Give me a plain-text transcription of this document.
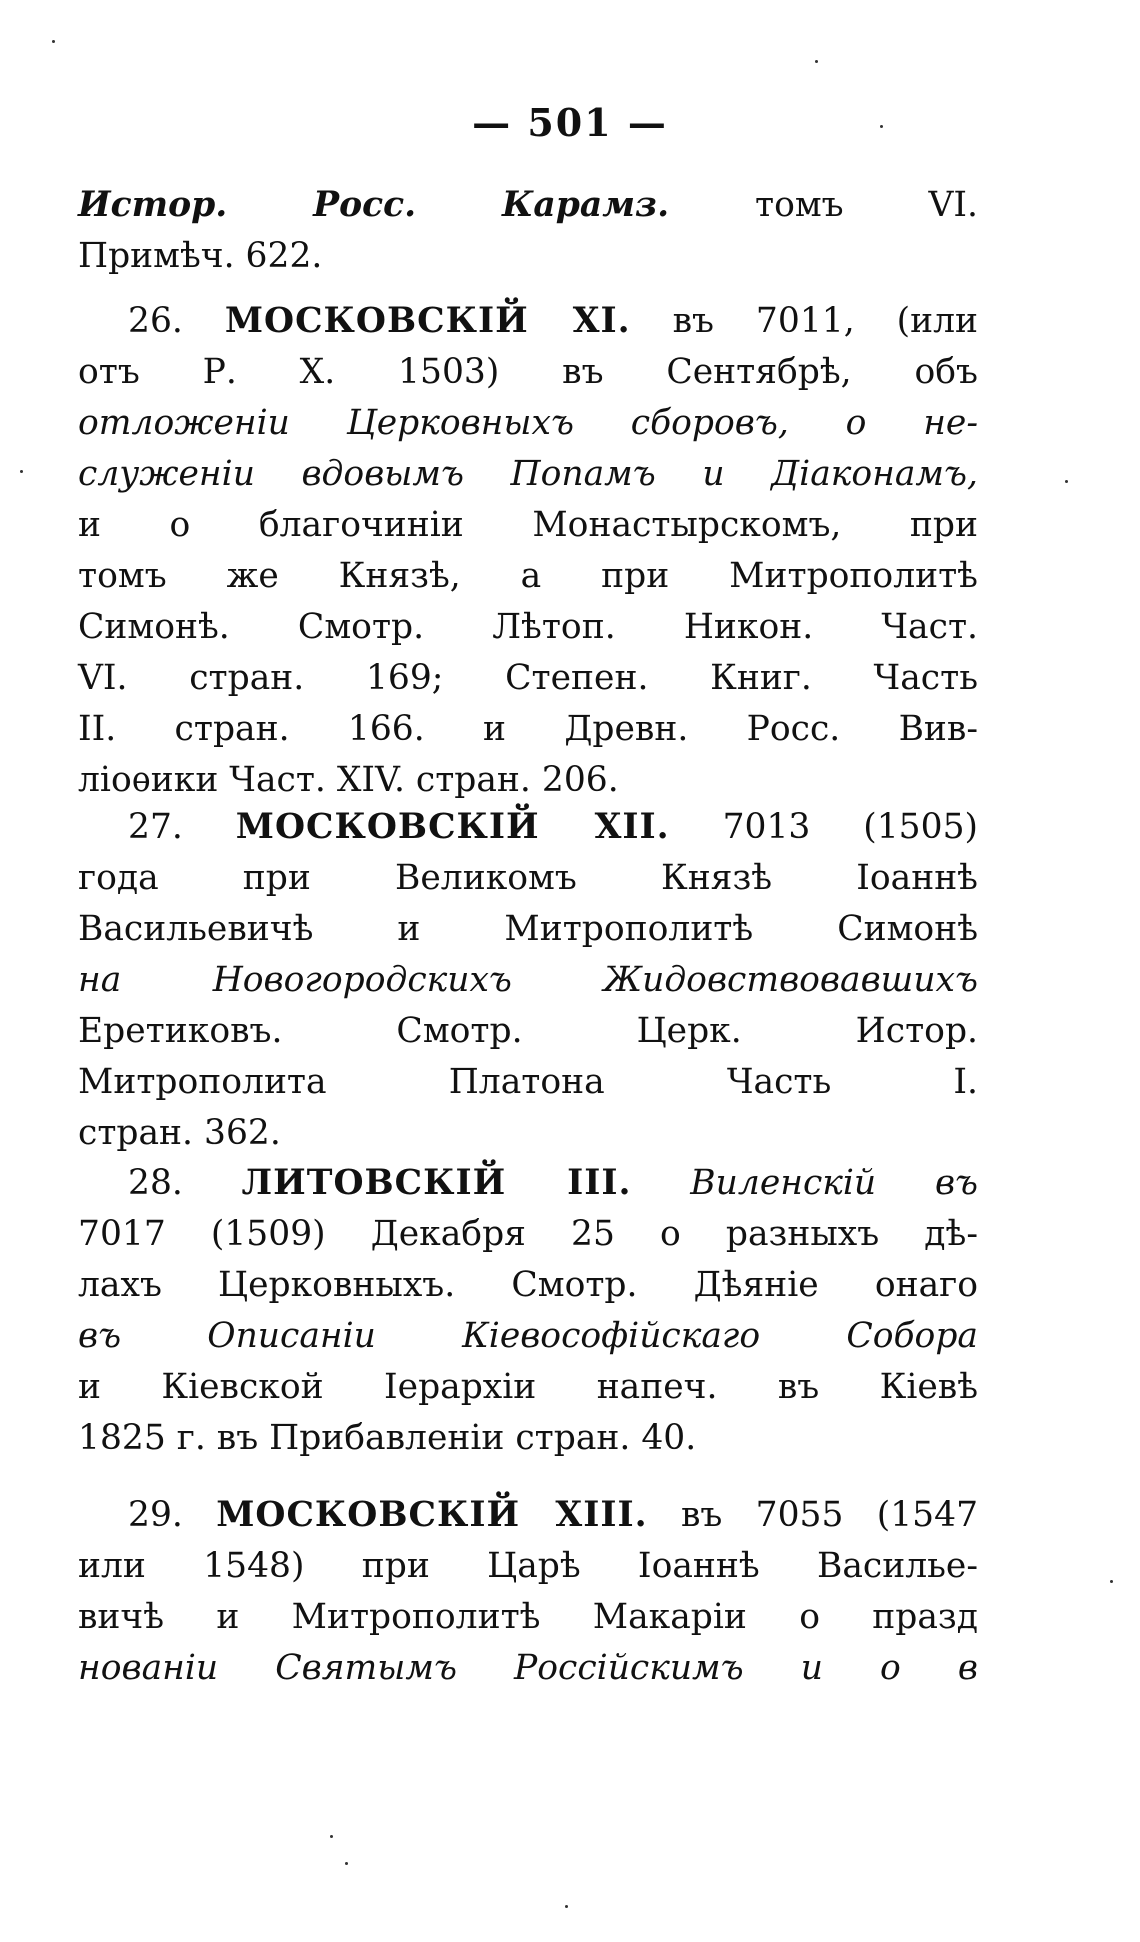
— 501 —
Истор. Росс. Карамз. томъ VI.
Примѣч. 622.
26. МОСКОВСКІЙ XI. въ 7011, (или
отъ Р. Х. 1503) въ Сентябрѣ, объ
отложеніи Церковныхъ сборовъ, о не-
служеніи вдовымъ Попамъ и Діаконамъ,
и о благочиніи Монастырскомъ, при
томъ же Князѣ, а при Митрополитѣ
Симонѣ. Смотр. Лѣтоп. Никон. Част.
VI. стран. 169; Степен. Книг. Часть
II. стран. 166. и Древн. Росс. Вив-
ліоѳики Част. XIV. стран. 206.
27. МОСКОВСКІЙ XII. 7013 (1505)
года при Великомъ Князѣ Іоаннѣ
Васильевичѣ и Митрополитѣ Симонѣ
на Новогородскихъ Жидовствовавшихъ
Еретиковъ. Смотр. Церк. Истор.
Митрополита Платона Часть I.
стран. 362.
28. ЛИТОВСКІЙ III. Виленскій въ
7017 (1509) Декабря 25 о разныхъ дѣ-
лахъ Церковныхъ. Смотр. Дѣяніе онаго
въ Описаніи Кіевософійскаго Собора
и Кіевской Іерархіи напеч. въ Кіевѣ
1825 г. въ Прибавленіи стран. 40.
29. МОСКОВСКІЙ XIII. въ 7055 (1547
или 1548) при Царѣ Іоаннѣ Василье-
вичѣ и Митрополитѣ Макаріи о празд
нованіи Святымъ Россійскимъ и о в
